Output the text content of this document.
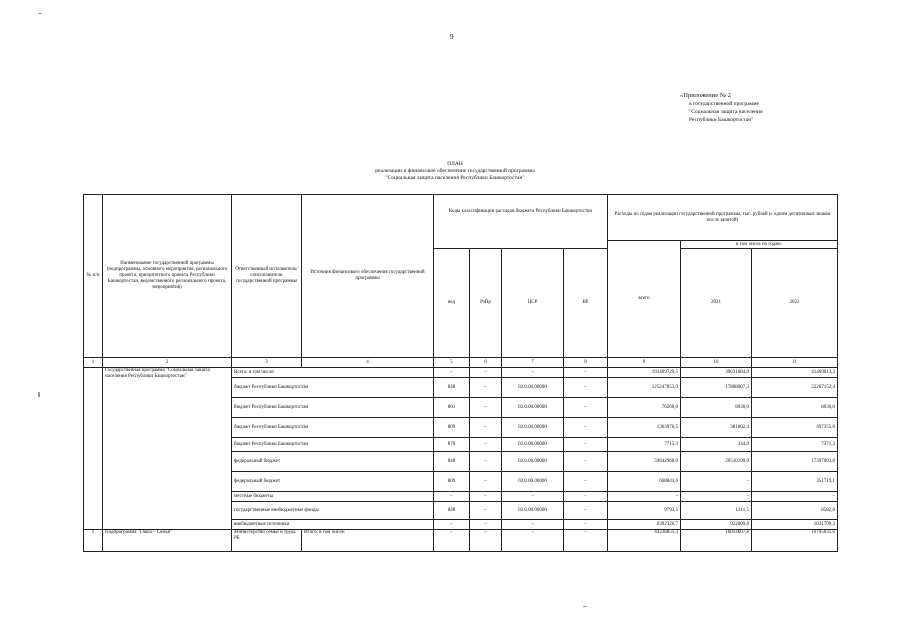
9
«Приложение № 2
к государственной программе
"Социальная защита населения
Республики Башкортостан"
ПЛАН
реализации и финансовое обеспечение государственной программы
"Социальная защита населения Республики Башкортостан"
№ п/п	Наименование государственной программы (подпрограммы, основного мероприятия, регионального проекта, приоритетного проекта Республики Башкортостан, ведомственного регионального проекта, мероприятия)	Ответственный исполнитель/ соисполнители государственной программы	Источник финансового обеспечения государственной программы	Коды классификации расходов бюджета Республики Башкортостан				Расходы по годам реализации государственной программы, тыс. рублей (с одним десятичным знаком после запятой)		
								всего	в том числе по годам:	
				вед	РзПр	ЦСР	ВР		2021	2022
1	2	3	4	5	6	7	8	9	10	11
	Государственная программа "Социальная защита населения Республики Башкортостан"	Всего, в том числе:		–	–	–	–	193409729,5	39631684,0	41469013,3
		бюджет Республики Башкортостан		848	–	02.0.00.00000	–	125247853,9	17808007,3	22267152,4
		бюджет Республики Башкортостан		801	–	02.0.00.00000	–	76260,0	8030,0	8030,0
		бюджет Республики Башкортостан		809	–	02.0.00.00000	–	1363976,5	381802,4	497355,6
		бюджет Республики Башкортостан		870	–	02.0.00.00000	–	7715,3	344,0	7371,3
		федеральный бюджет		848	–	02.0.00.00000	–	59642968,0	20510199,0	17397003,8
		федеральный бюджет		809	–	02.0.00.00000	–	668843,6	–	351719,1
		местные бюджеты		–	–	–	–	–	–	–
		государственные внебюджетные фонды		848	–	02.0.00.00000	–	9793,5	1211,5	8582,0
		внебюджетные источники		–	–	–	–	6392326,7	922009,8	1031799,3
1	Подпрограмма "Гаяла – Семья"	Министерство семьи и труда РБ	Итого, в том числе:	–	–	–	–	44238855,3	10014607,8	10795035,6
